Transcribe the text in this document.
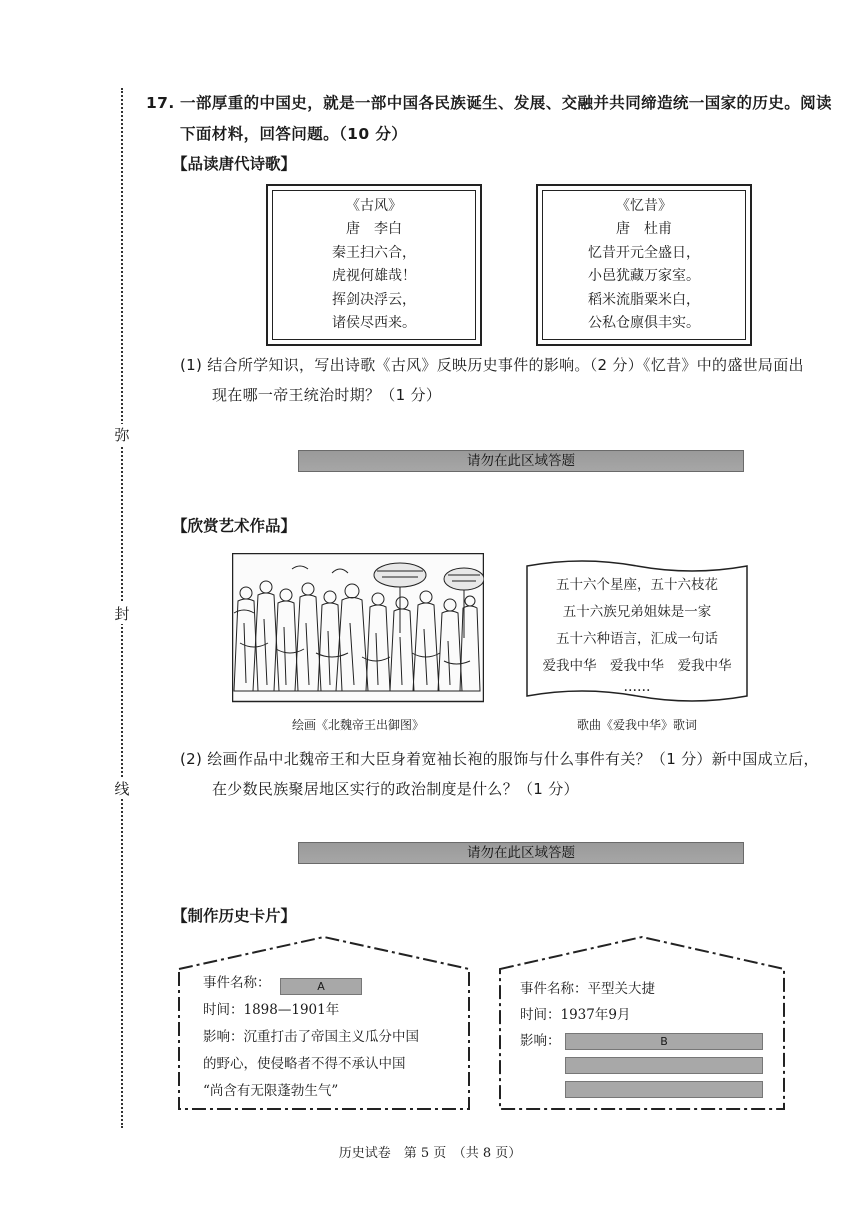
弥
封
线
17. 一部厚重的中国史，就是一部中国各民族诞生、发展、交融并共同缔造统一国家的历史。阅读
下面材料，回答问题。（10 分）
【品读唐代诗歌】
《古风》
唐　李白
秦王扫六合，
虎视何雄哉！
挥剑决浮云，
诸侯尽西来。
《忆昔》
唐　杜甫
忆昔开元全盛日，
小邑犹藏万家室。
稻米流脂粟米白，
公私仓廪俱丰实。
(1) 结合所学知识，写出诗歌《古风》反映历史事件的影响。（2 分）《忆昔》中的盛世局面出
现在哪一帝王统治时期？（1 分）
请勿在此区域答题
【欣赏艺术作品】
五十六个星座，五十六枝花
五十六族兄弟姐妹是一家
五十六种语言，汇成一句话
爱我中华　爱我中华　爱我中华
……
绘画《北魏帝王出御图》	歌曲《爱我中华》歌词
(2) 绘画作品中北魏帝王和大臣身着宽袖长袍的服饰与什么事件有关？（1 分）新中国成立后，
在少数民族聚居地区实行的政治制度是什么？（1 分）
请勿在此区域答题
【制作历史卡片】
事件名称：	A
时间：1898—1901年
影响：沉重打击了帝国主义瓜分中国
的野心，使侵略者不得不承认中国
“尚含有无限蓬勃生气”
事件名称：平型关大捷
时间：1937年9月
影响：	B
历史试卷　第 5 页　（共 8 页）
